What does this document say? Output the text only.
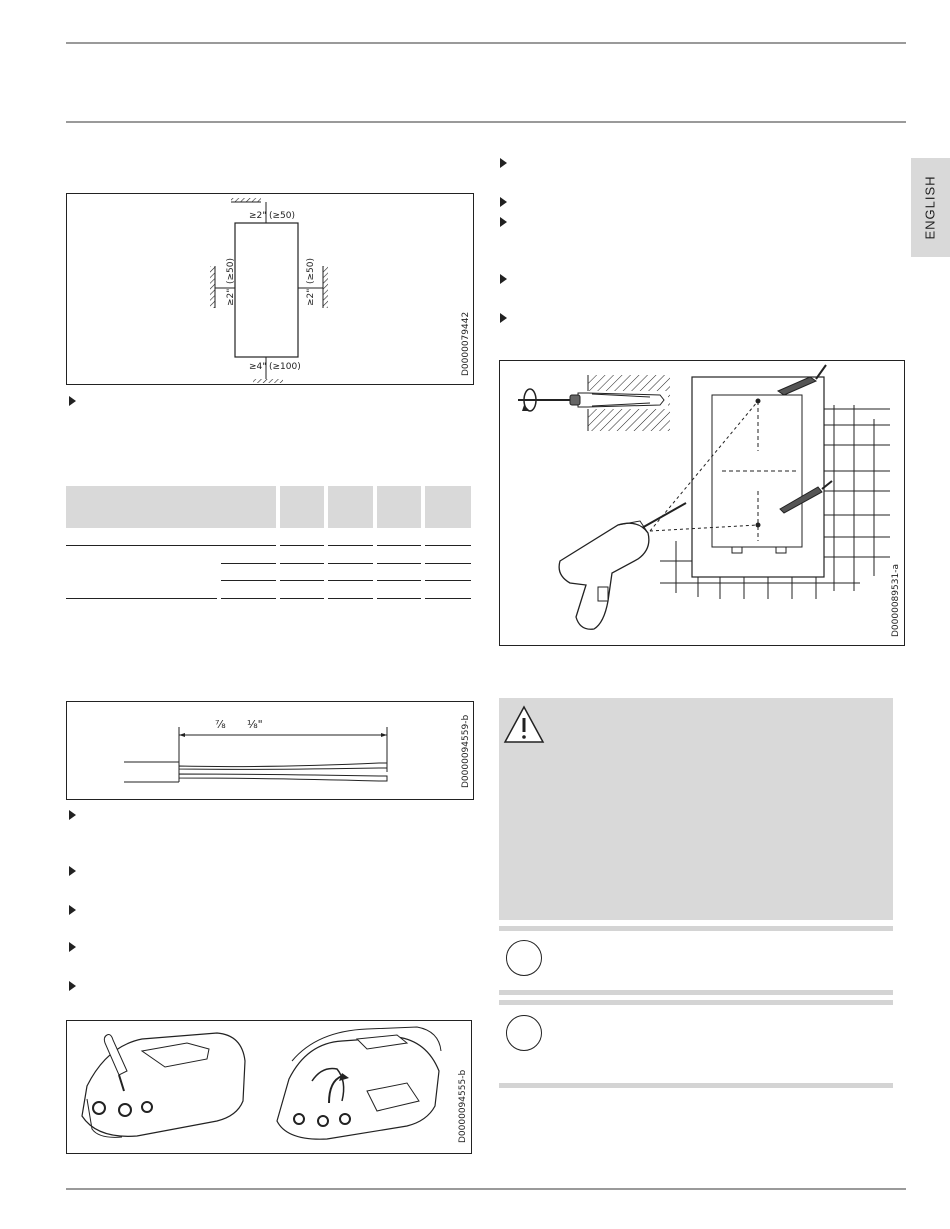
ENGLISH
≥2" (≥50)
≥2"
(≥50)
≥2"
(≥50)
≥4" (≥100)	D0000079442
⅞ ⅛"	D0000094559-b
D0000094555-b
D0000089531-a
